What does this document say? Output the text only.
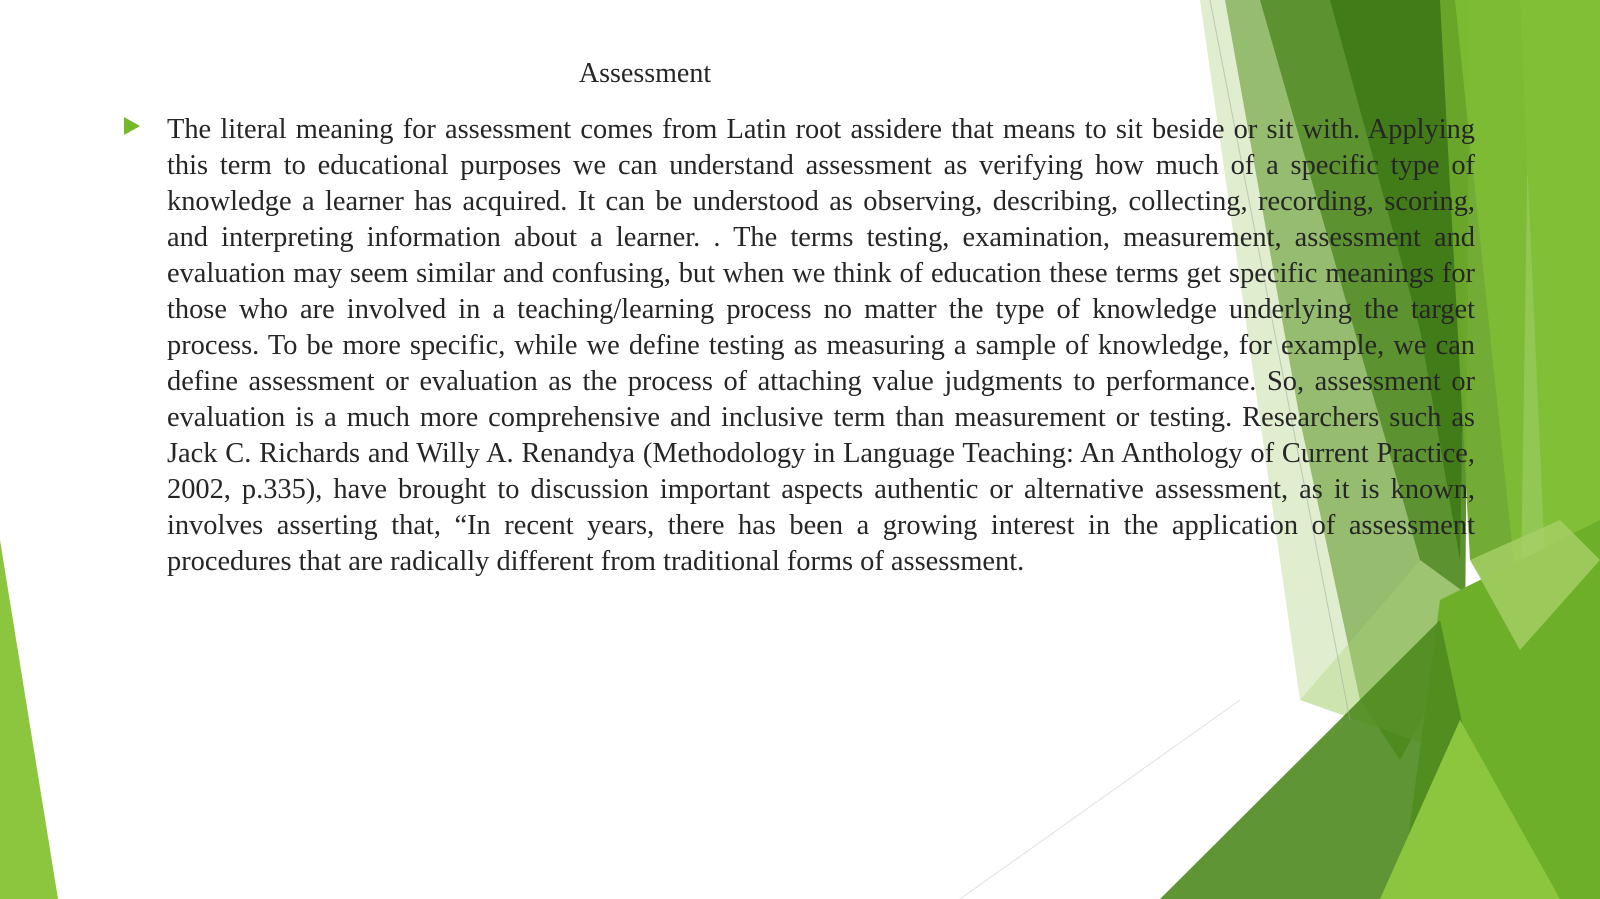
Assessment

The literal meaning for assessment comes from Latin root assidere that means to sit beside or sit with. Applying this term to educational purposes we can understand assessment as verifying how much of a specific type of knowledge a learner has acquired. It can be understood as observing, describing, collecting, recording, scoring, and interpreting information about a learner. . The terms testing, examination, measurement, assessment and evaluation may seem similar and confusing, but when we think of education these terms get specific meanings for those who are involved in a teaching/learning process no matter the type of knowledge underlying the target process. To be more specific, while we define testing as measuring a sample of knowledge, for example, we can define assessment or evaluation as the process of attaching value judgments to performance. So, assessment or evaluation is a much more comprehensive and inclusive term than measurement or testing. Researchers such as Jack C. Richards and Willy A. Renandya (Methodology in Language Teaching: An Anthology of Current Practice, 2002, p.335), have brought to discussion important aspects authentic or alternative assessment, as it is known, involves asserting that, “In recent years, there has been a growing interest in the application of assessment procedures that are radically different from traditional forms of assessment.
